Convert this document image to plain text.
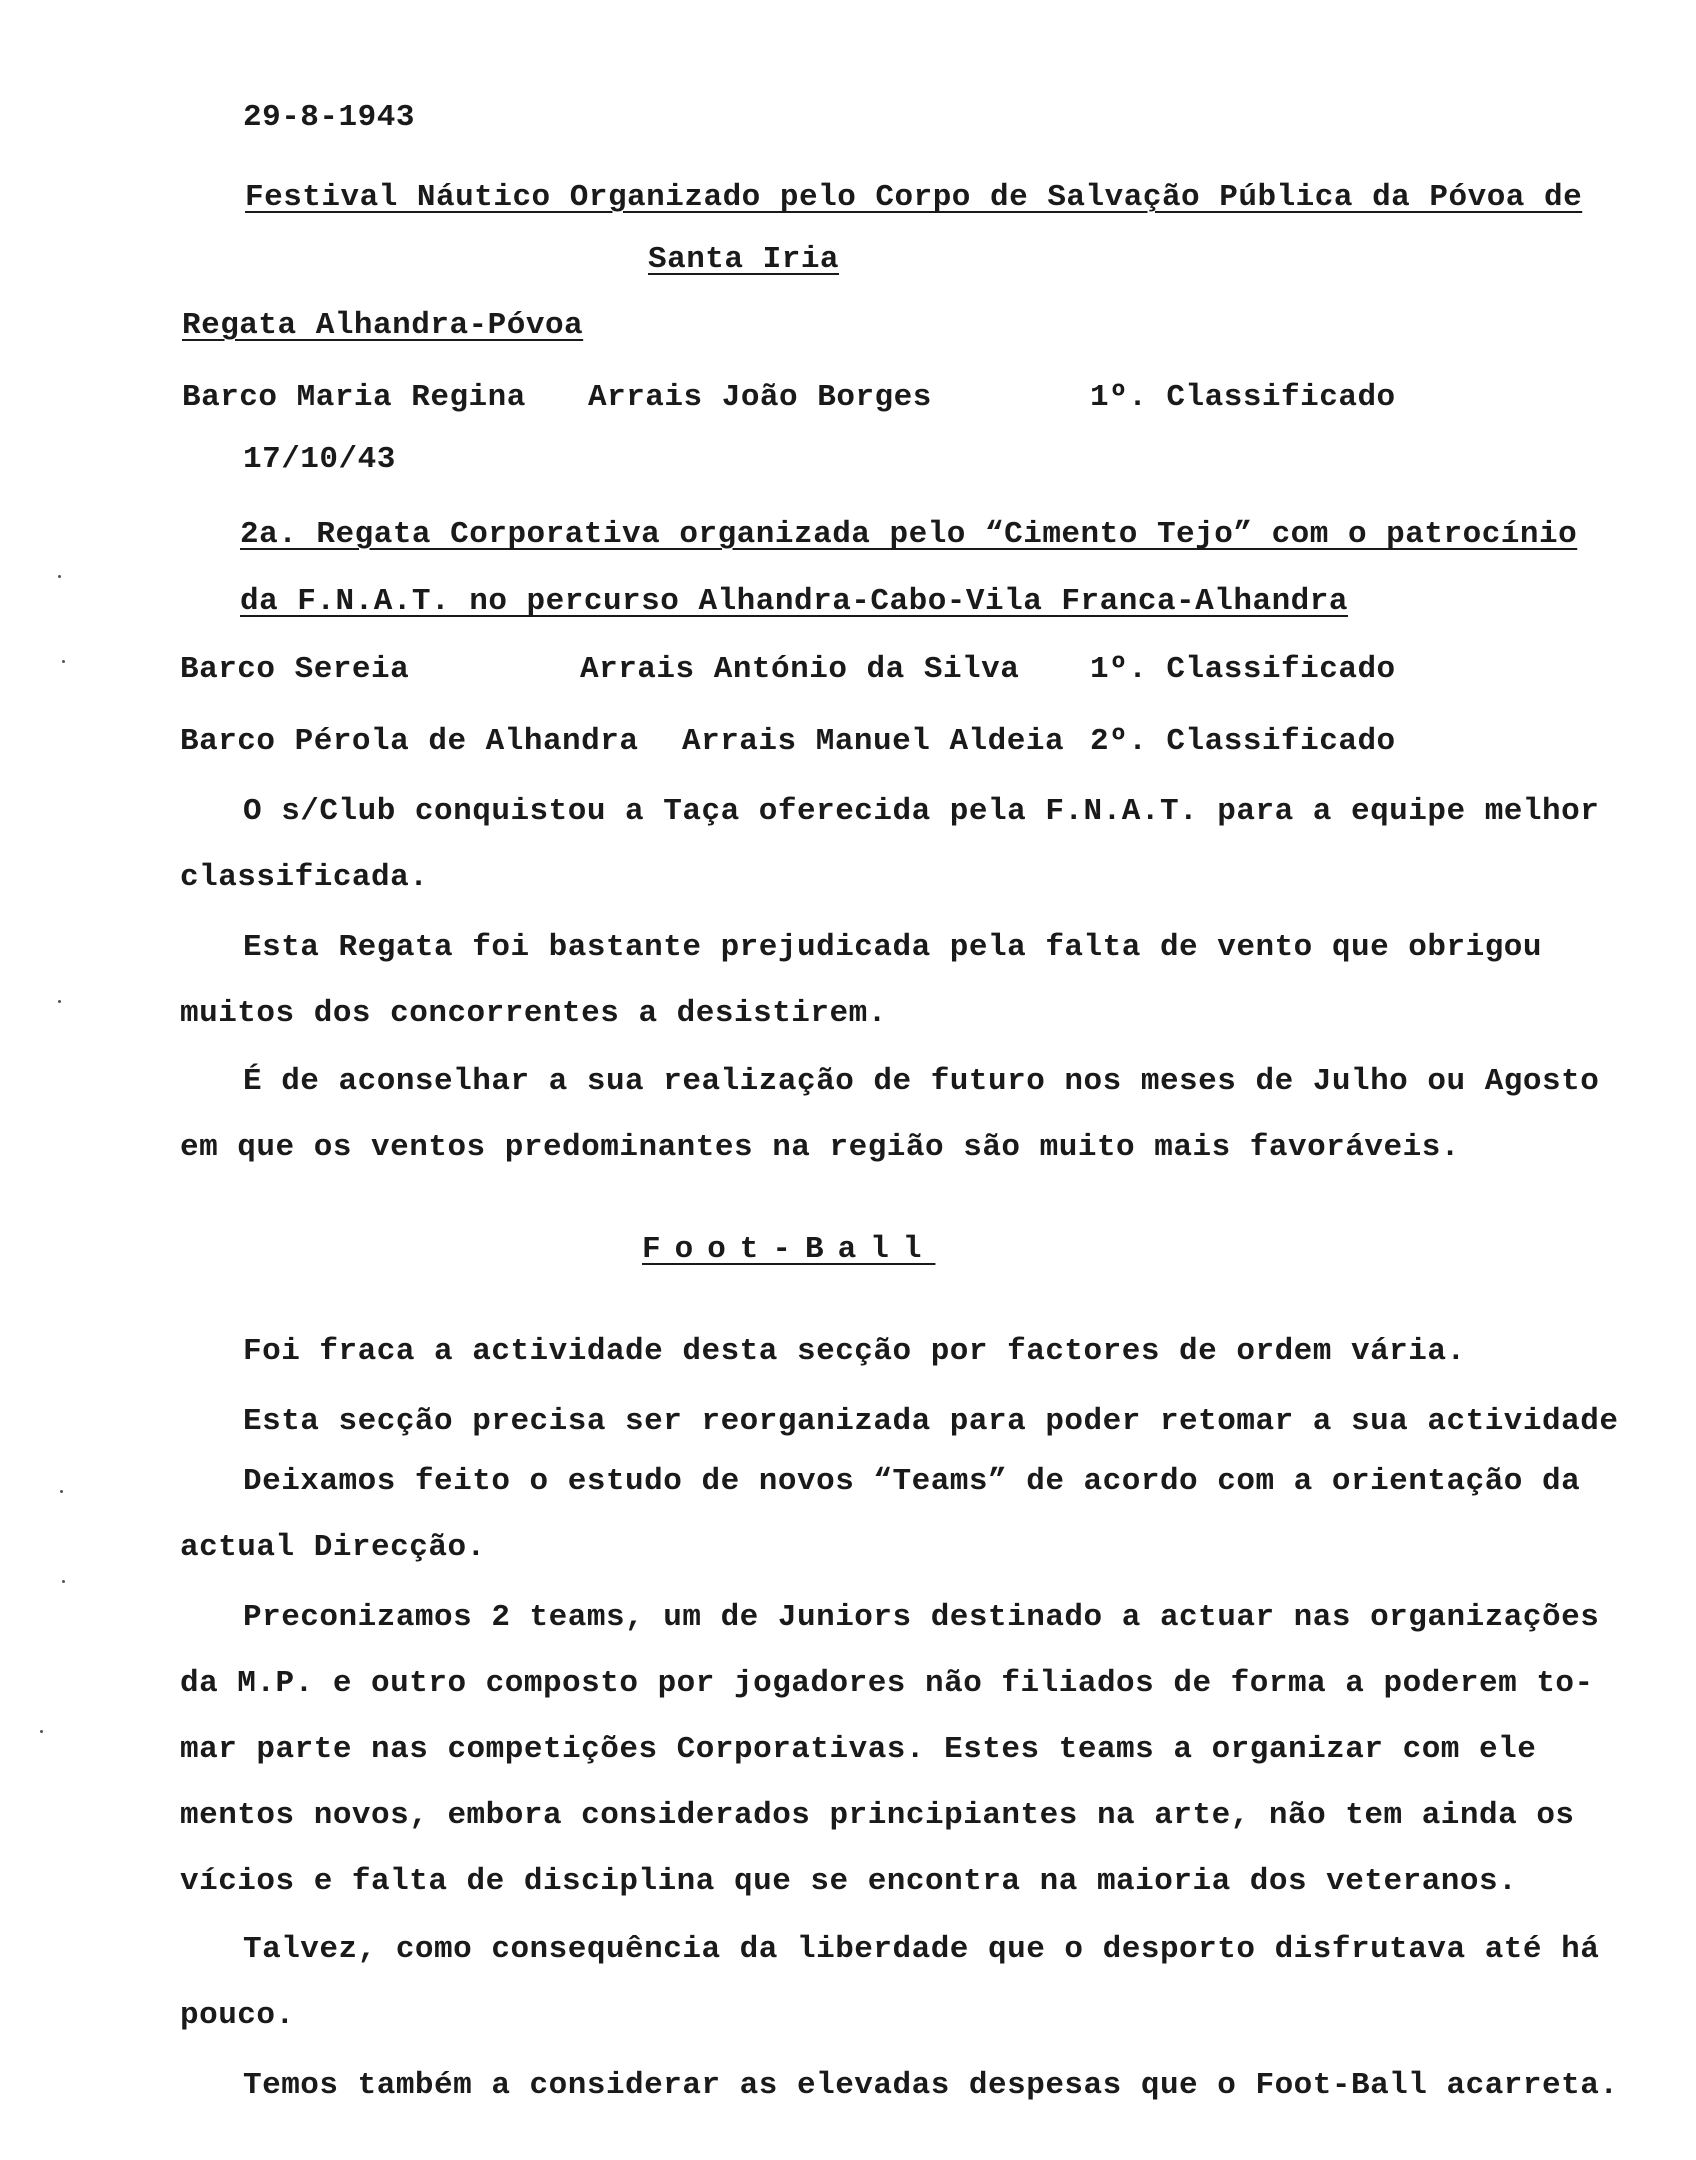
29-8-1943
Festival Náutico Organizado pelo Corpo de Salvação Pública da Póvoa de
Santa Iria
Regata Alhandra-Póvoa
Barco Maria Regina Arrais João Borges	1º. Classificado
17/10/43
2a. Regata Corporativa organizada pelo “Cimento Tejo” com o patrocínio
da F.N.A.T. no percurso Alhandra-Cabo-Vila Franca-Alhandra
Barco Sereia	Arrais António da Silva 1º. Classificado
Barco Pérola de Alhandra Arrais Manuel Aldeia 2º. Classificado
O s/Club conquistou a Taça oferecida pela F.N.A.T. para a equipe melhor
classificada.
Esta Regata foi bastante prejudicada pela falta de vento que obrigou
muitos dos concorrentes a desistirem.
É de aconselhar a sua realização de futuro nos meses de Julho ou Agosto
em que os ventos predominantes na região são muito mais favoráveis.
Foot-Ball
Foi fraca a actividade desta secção por factores de ordem vária.
Esta secção precisa ser reorganizada para poder retomar a sua actividade
Deixamos feito o estudo de novos “Teams” de acordo com a orientação da
actual Direcção.
Preconizamos 2 teams, um de Juniors destinado a actuar nas organizações
da M.P. e outro composto por jogadores não filiados de forma a poderem to-
mar parte nas competições Corporativas. Estes teams a organizar com ele
mentos novos, embora considerados principiantes na arte, não tem ainda os
vícios e falta de disciplina que se encontra na maioria dos veteranos.
Talvez, como consequência da liberdade que o desporto disfrutava até há
pouco.
Temos também a considerar as elevadas despesas que o Foot-Ball acarreta.
